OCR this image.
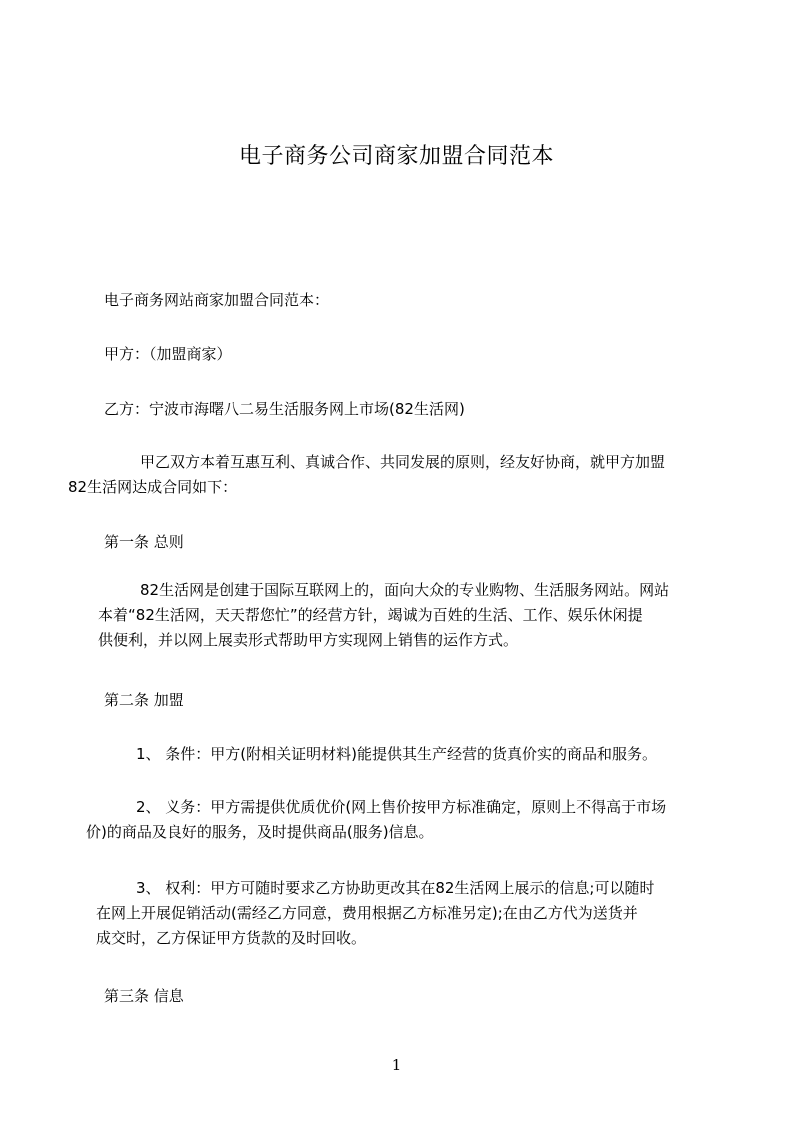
电子商务公司商家加盟合同范本

电子商务网站商家加盟合同范本：

甲方：（加盟商家）

乙方：宁波市海曙八二易生活服务网上市场(82生活网)

甲乙双方本着互惠互利、真诚合作、共同发展的原则，经友好协商，就甲方加盟
82生活网达成合同如下：

第一条 总则

82生活网是创建于国际互联网上的，面向大众的专业购物、生活服务网站。网站
本着“82生活网，天天帮您忙”的经营方针，竭诚为百姓的生活、工作、娱乐休闲提
供便利，并以网上展卖形式帮助甲方实现网上销售的运作方式。

第二条 加盟

1、 条件：甲方(附相关证明材料)能提供其生产经营的货真价实的商品和服务。

2、 义务：甲方需提供优质优价(网上售价按甲方标准确定，原则上不得高于市场
价)的商品及良好的服务，及时提供商品(服务)信息。
3、 权利：甲方可随时要求乙方协助更改其在82生活网上展示的信息;可以随时
在网上开展促销活动(需经乙方同意，费用根据乙方标准另定);在由乙方代为送货并
成交时，乙方保证甲方货款的及时回收。

第三条 信息

1
